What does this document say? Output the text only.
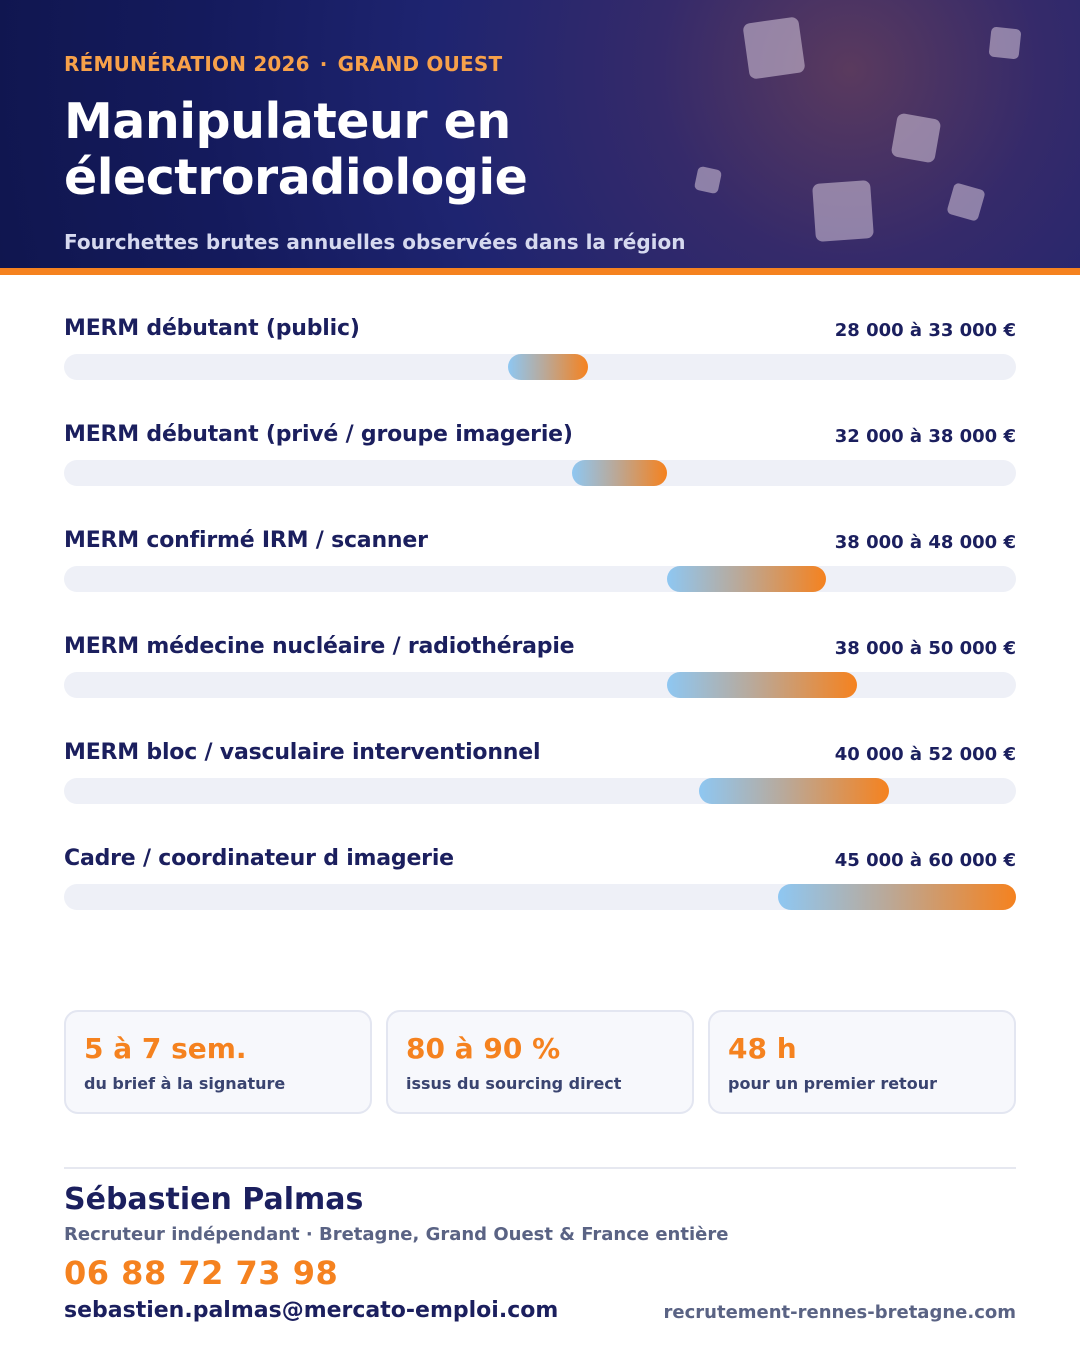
RÉMUNÉRATION 2026 · GRAND OUEST
Manipulateur en électroradiologie
Fourchettes brutes annuelles observées dans la région
MERM débutant (public)	28 000 à 33 000 €
MERM débutant (privé / groupe imagerie)	32 000 à 38 000 €
MERM confirmé IRM / scanner	38 000 à 48 000 €
MERM médecine nucléaire / radiothérapie	38 000 à 50 000 €
MERM bloc / vasculaire interventionnel	40 000 à 52 000 €
Cadre / coordinateur d imagerie	45 000 à 60 000 €
5 à 7 sem.
du brief à la signature
80 à 90 %
issus du sourcing direct
48 h
pour un premier retour
Sébastien Palmas
Recruteur indépendant · Bretagne, Grand Ouest & France entière
06 88 72 73 98
sebastien.palmas@mercato-emploi.com	recrutement-rennes-bretagne.com
